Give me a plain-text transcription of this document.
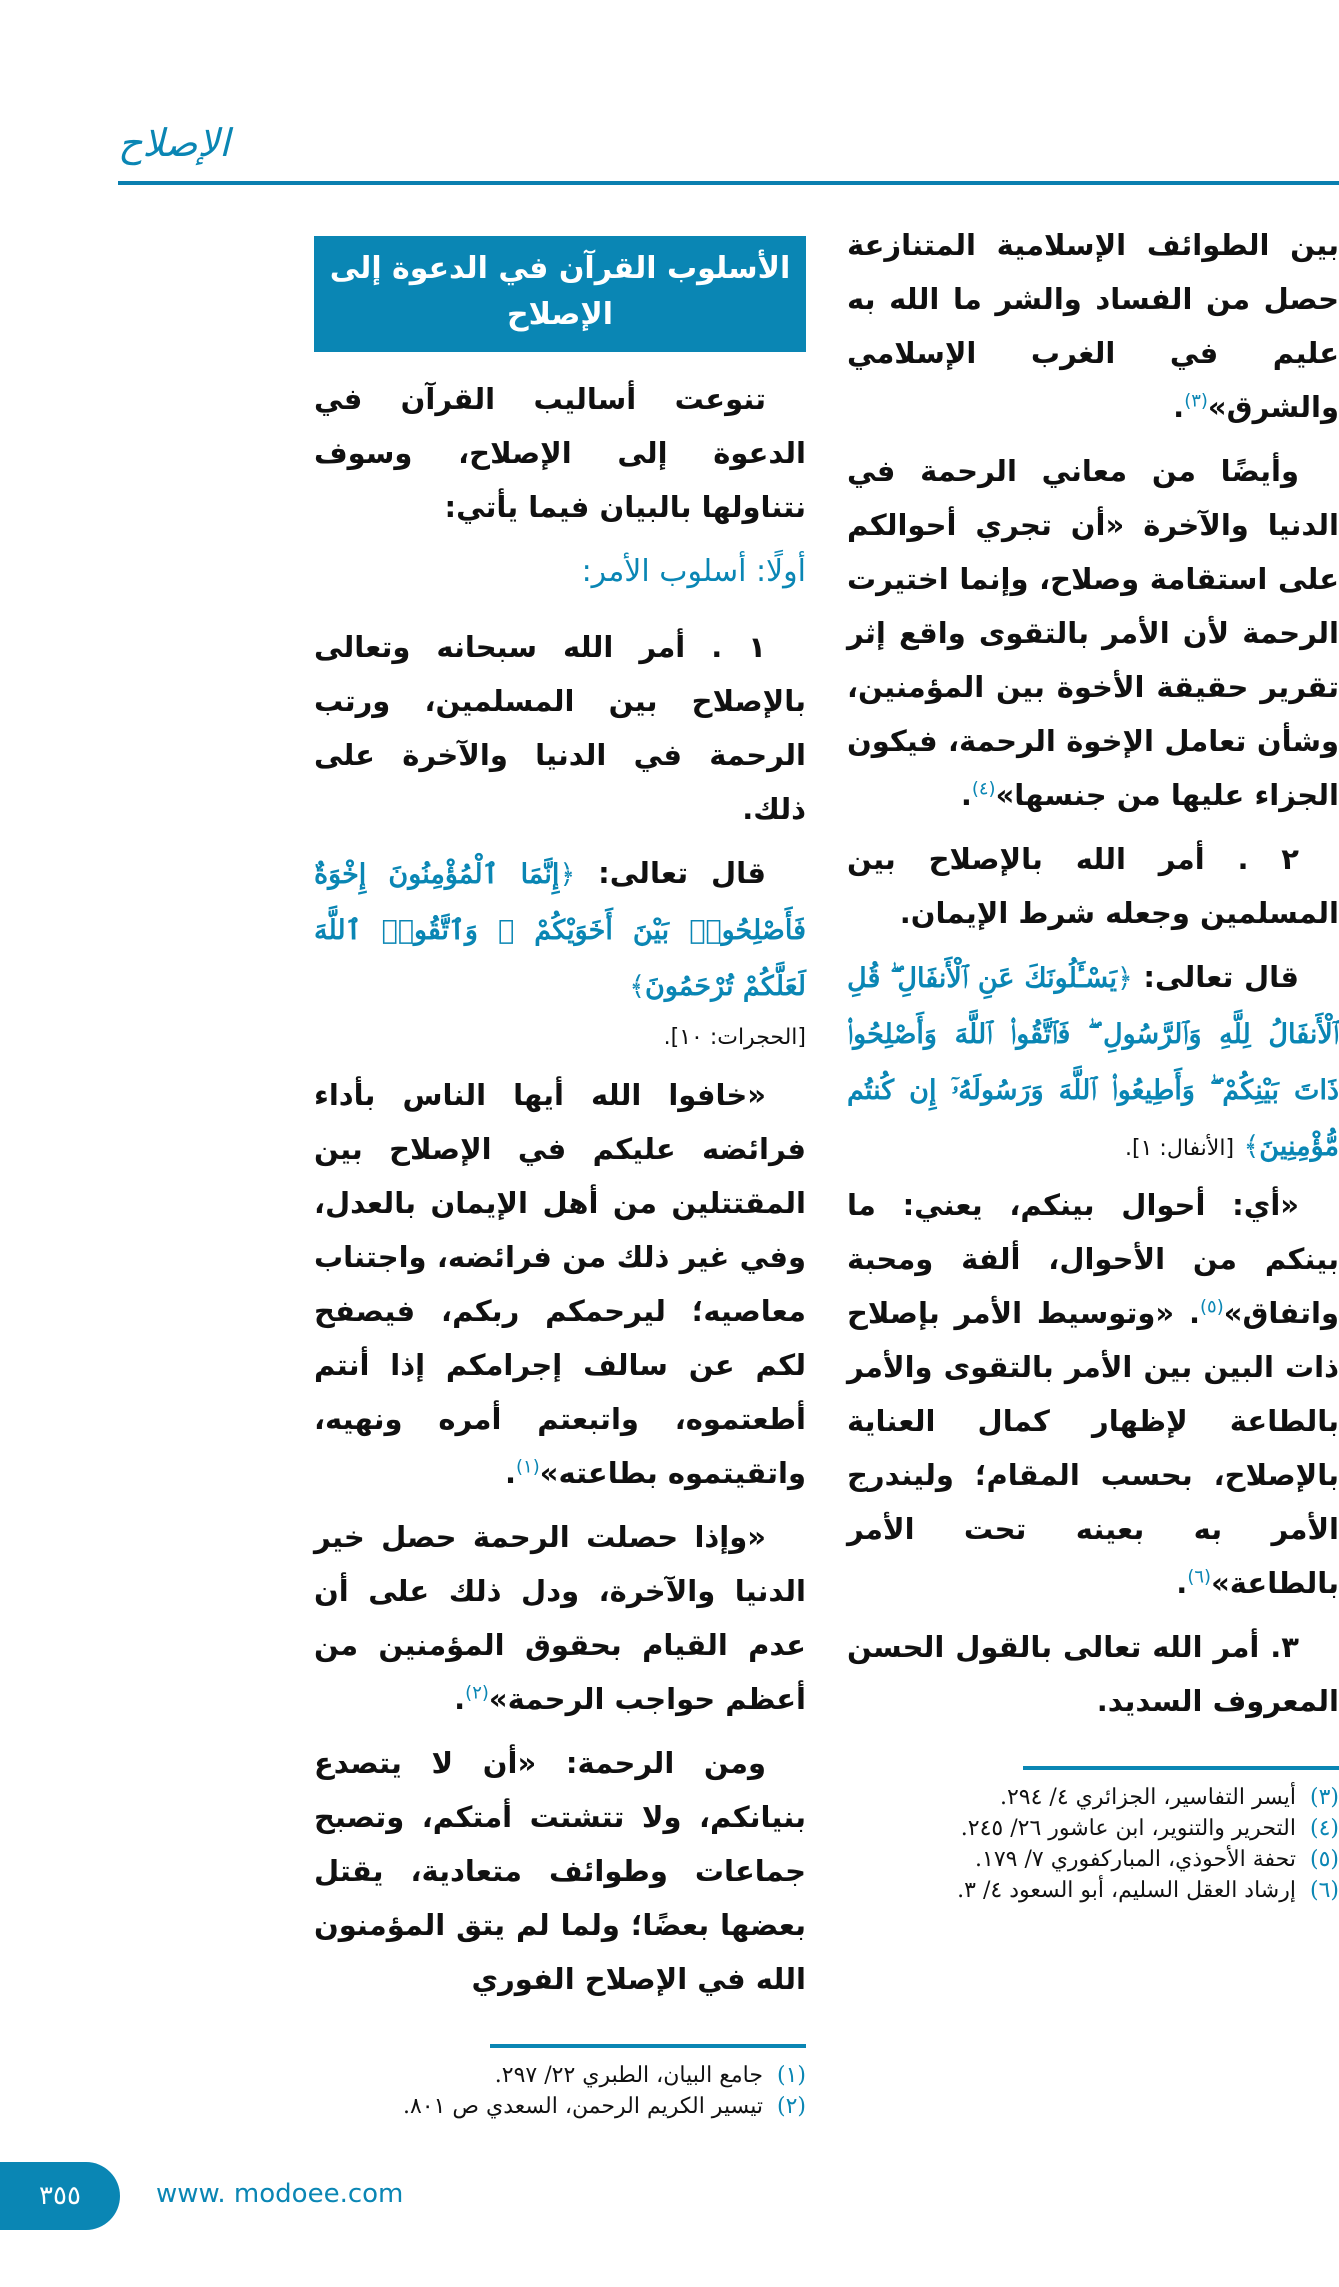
الإصلاح
الأسلوب القرآن في الدعوة إلى الإصلاح

تنوعت أساليب القرآن في الدعوة إلى الإصلاح، وسوف نتناولها بالبيان فيما يأتي:

أولًا: أسلوب الأمر:

١ . أمر الله سبحانه وتعالى بالإصلاح بين المسلمين، ورتب الرحمة في الدنيا والآخرة على ذلك.

قال تعالى: ﴿إِنَّمَا ٱلْمُؤْمِنُونَ إِخْوَةٌ فَأَصْلِحُوا۟ بَيْنَ أَخَوَيْكُمْ ۚ وَٱتَّقُوا۟ ٱللَّهَ لَعَلَّكُمْ تُرْحَمُونَ﴾

[الحجرات: ١٠].

«خافوا الله أيها الناس بأداء فرائضه عليكم في الإصلاح بين المقتتلين من أهل الإيمان بالعدل، وفي غير ذلك من فرائضه، واجتناب معاصيه؛ ليرحمكم ربكم، فيصفح لكم عن سالف إجرامكم إذا أنتم أطعتموه، واتبعتم أمره ونهيه، واتقيتموه بطاعته»$^{(١)}$.

«وإذا حصلت الرحمة حصل خير الدنيا والآخرة، ودل ذلك على أن عدم القيام بحقوق المؤمنين من أعظم حواجب الرحمة»$^{(٢)}$.

ومن الرحمة: «أن لا يتصدع بنيانكم، ولا تتشتت أمتكم، وتصبح جماعات وطوائف متعادية، يقتل بعضها بعضًا؛ ولما لم يتق المؤمنون الله في الإصلاح الفوري

(١)جامع البيان، الطبري ٢٢/ ٢٩٧.
(٢)تيسير الكريم الرحمن، السعدي ص ٨٠١.

بين الطوائف الإسلامية المتنازعة حصل من الفساد والشر ما الله به عليم في الغرب الإسلامي والشرق»$^{(٣)}$.

وأيضًا من معاني الرحمة في الدنيا والآخرة «أن تجري أحوالكم على استقامة وصلاح، وإنما اختيرت الرحمة لأن الأمر بالتقوى واقع إثر تقرير حقيقة الأخوة بين المؤمنين، وشأن تعامل الإخوة الرحمة، فيكون الجزاء عليها من جنسها»$^{(٤)}$.

٢ . أمر الله بالإصلاح بين المسلمين وجعله شرط الإيمان.

قال تعالى: ﴿يَسْـَٔلُونَكَ عَنِ ٱلْأَنفَالِ ۖ قُلِ ٱلْأَنفَالُ لِلَّهِ وَٱلرَّسُولِ ۖ فَٱتَّقُوا۟ ٱللَّهَ وَأَصْلِحُوا۟ ذَاتَ بَيْنِكُمْ ۖ وَأَطِيعُوا۟ ٱللَّهَ وَرَسُولَهُۥٓ إِن كُنتُم مُّؤْمِنِينَ﴾ [الأنفال: ١].

«أي: أحوال بينكم، يعني: ما بينكم من الأحوال، ألفة ومحبة واتفاق»$^{(٥)}$. «وتوسيط الأمر بإصلاح ذات البين بين الأمر بالتقوى والأمر بالطاعة لإظهار كمال العناية بالإصلاح، بحسب المقام؛ وليندرج الأمر به بعينه تحت الأمر بالطاعة»$^{(٦)}$.

٣. أمر الله تعالى بالقول الحسن المعروف السديد.

(٣)أيسر التفاسير، الجزائري ٤/ ٢٩٤.
(٤)التحرير والتنوير، ابن عاشور ٢٦/ ٢٤٥.
(٥)تحفة الأحوذي، المباركفوري ٧/ ١٧٩.
(٦)إرشاد العقل السليم، أبو السعود ٤/ ٣.
٣٥٥	www. modoee.com
